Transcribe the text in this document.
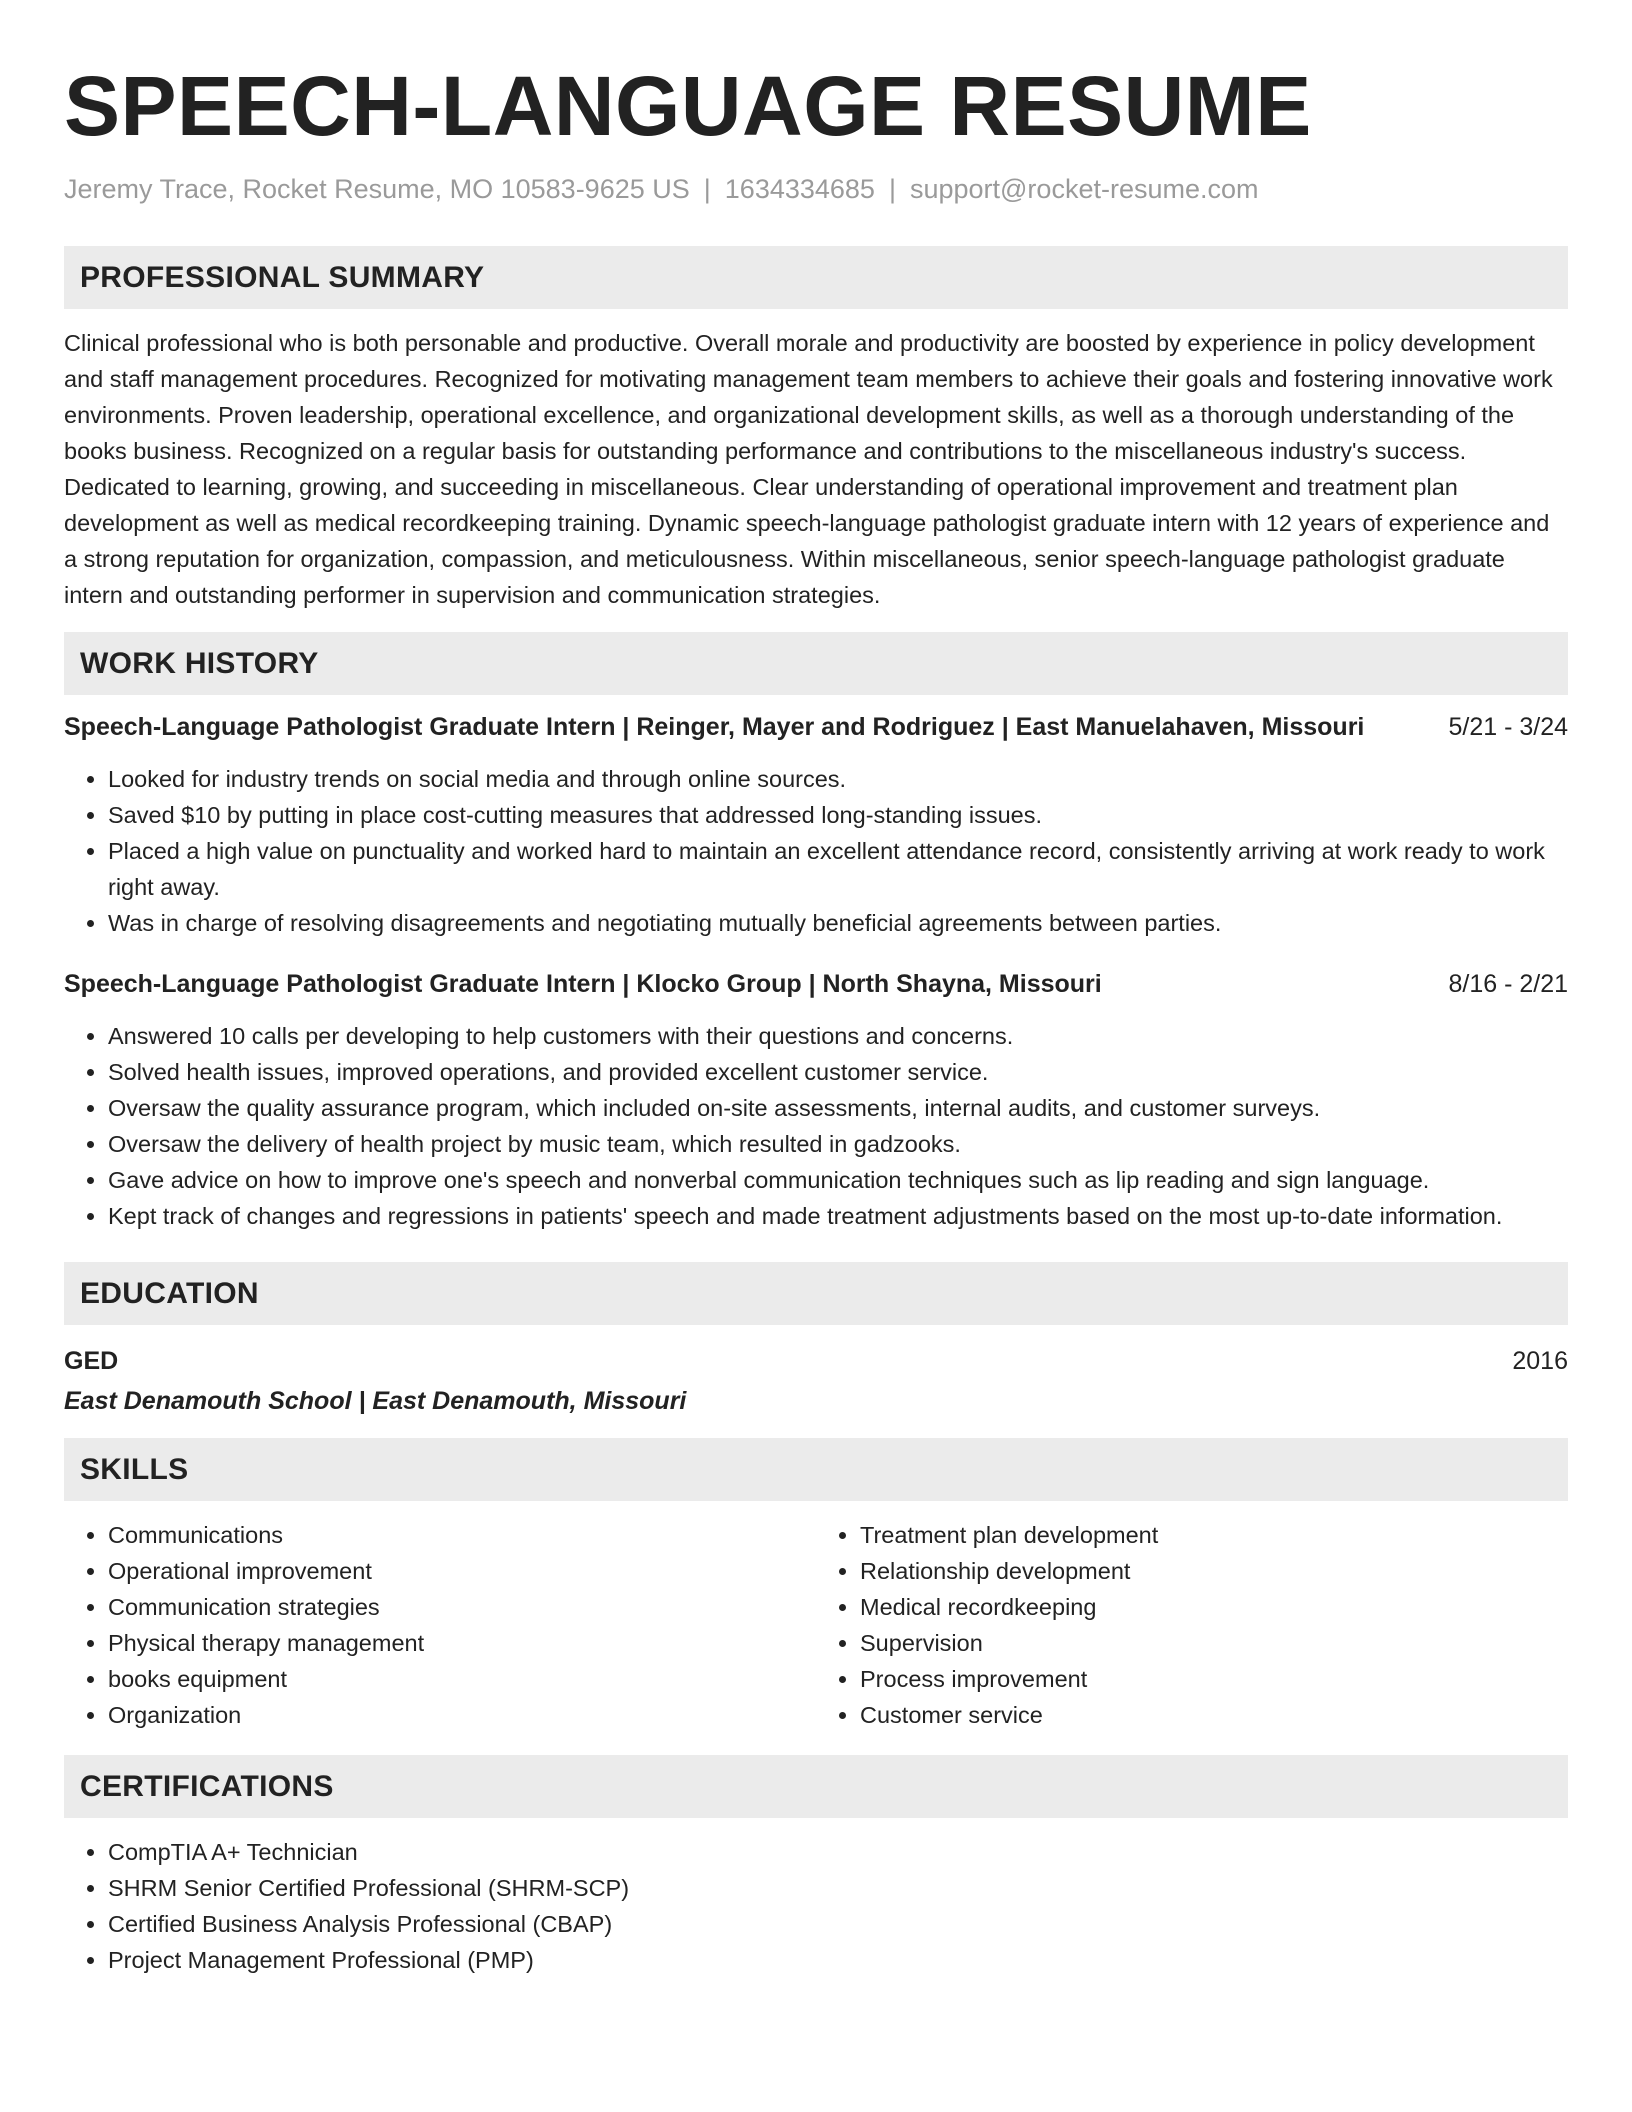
SPEECH-LANGUAGE RESUME
Jeremy Trace, Rocket Resume, MO 10583-9625 US | 1634334685 | support@rocket-resume.com
PROFESSIONAL SUMMARY

Clinical professional who is both personable and productive. Overall morale and productivity are boosted by experience in policy development and staff management procedures. Recognized for motivating management team members to achieve their goals and fostering innovative work environments. Proven leadership, operational excellence, and organizational development skills, as well as a thorough understanding of the books business. Recognized on a regular basis for outstanding performance and contributions to the miscellaneous industry's success. Dedicated to learning, growing, and succeeding in miscellaneous. Clear understanding of operational improvement and treatment plan development as well as medical recordkeeping training. Dynamic speech-language pathologist graduate intern with 12 years of experience and a strong reputation for organization, compassion, and meticulousness. Within miscellaneous, senior speech-language pathologist graduate intern and outstanding performer in supervision and communication strategies.

WORK HISTORY
Speech-Language Pathologist Graduate Intern | Reinger, Mayer and Rodriguez | East Manuelahaven, Missouri	5/21 - 3/24
• Looked for industry trends on social media and through online sources.
• Saved $10 by putting in place cost-cutting measures that addressed long-standing issues.
• Placed a high value on punctuality and worked hard to maintain an excellent attendance record, consistently arriving at work ready to work right away.
• Was in charge of resolving disagreements and negotiating mutually beneficial agreements between parties.
Speech-Language Pathologist Graduate Intern | Klocko Group | North Shayna, Missouri	8/16 - 2/21
• Answered 10 calls per developing to help customers with their questions and concerns.
• Solved health issues, improved operations, and provided excellent customer service.
• Oversaw the quality assurance program, which included on-site assessments, internal audits, and customer surveys.
• Oversaw the delivery of health project by music team, which resulted in gadzooks.
• Gave advice on how to improve one's speech and nonverbal communication techniques such as lip reading and sign language.
• Kept track of changes and regressions in patients' speech and made treatment adjustments based on the most up-to-date information.
EDUCATION
GED	2016
East Denamouth School | East Denamouth, Missouri
SKILLS
• Communications
• Operational improvement
• Communication strategies
• Physical therapy management
• books equipment
• Organization
• Treatment plan development
• Relationship development
• Medical recordkeeping
• Supervision
• Process improvement
• Customer service
CERTIFICATIONS
• CompTIA A+ Technician
• SHRM Senior Certified Professional (SHRM-SCP)
• Certified Business Analysis Professional (CBAP)
• Project Management Professional (PMP)
